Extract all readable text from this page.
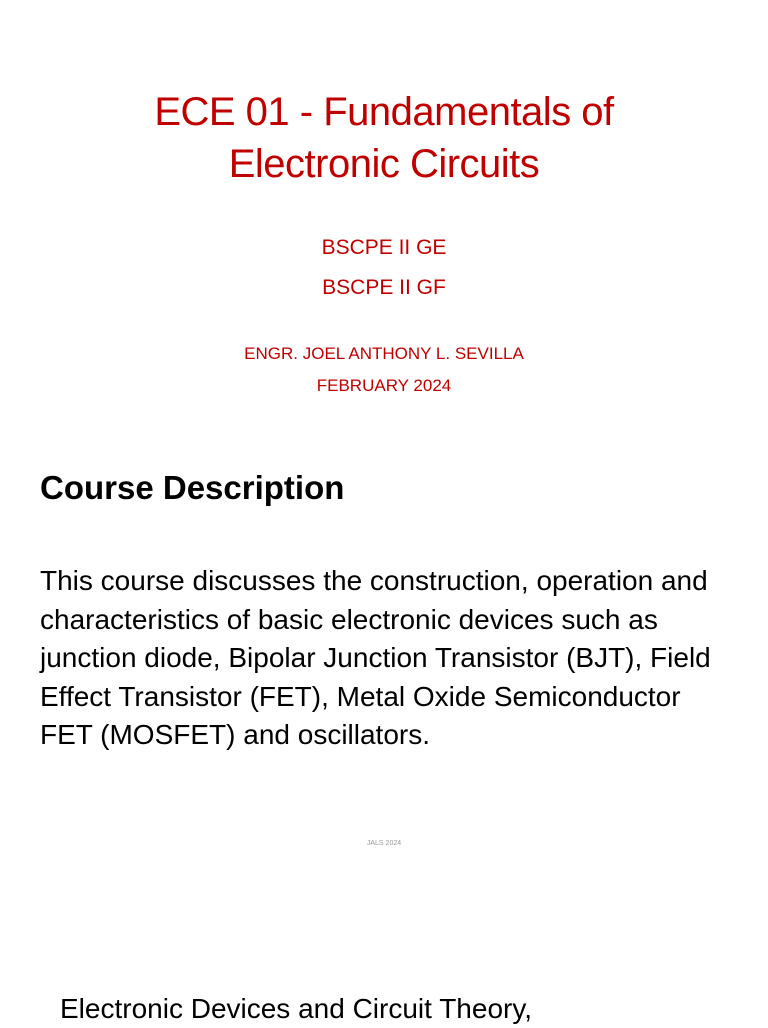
ECE 01 - Fundamentals of
Electronic Circuits
BSCPE II GE
BSCPE II GF
ENGR. JOEL ANTHONY L. SEVILLA
FEBRUARY 2024
Course Description
This course discusses the construction, operation and characteristics of basic electronic devices such as junction diode, Bipolar Junction Transistor (BJT), Field Effect Transistor (FET), Metal Oxide Semiconductor FET (MOSFET) and oscillators.
JALS 2024
Electronic Devices and Circuit Theory,
